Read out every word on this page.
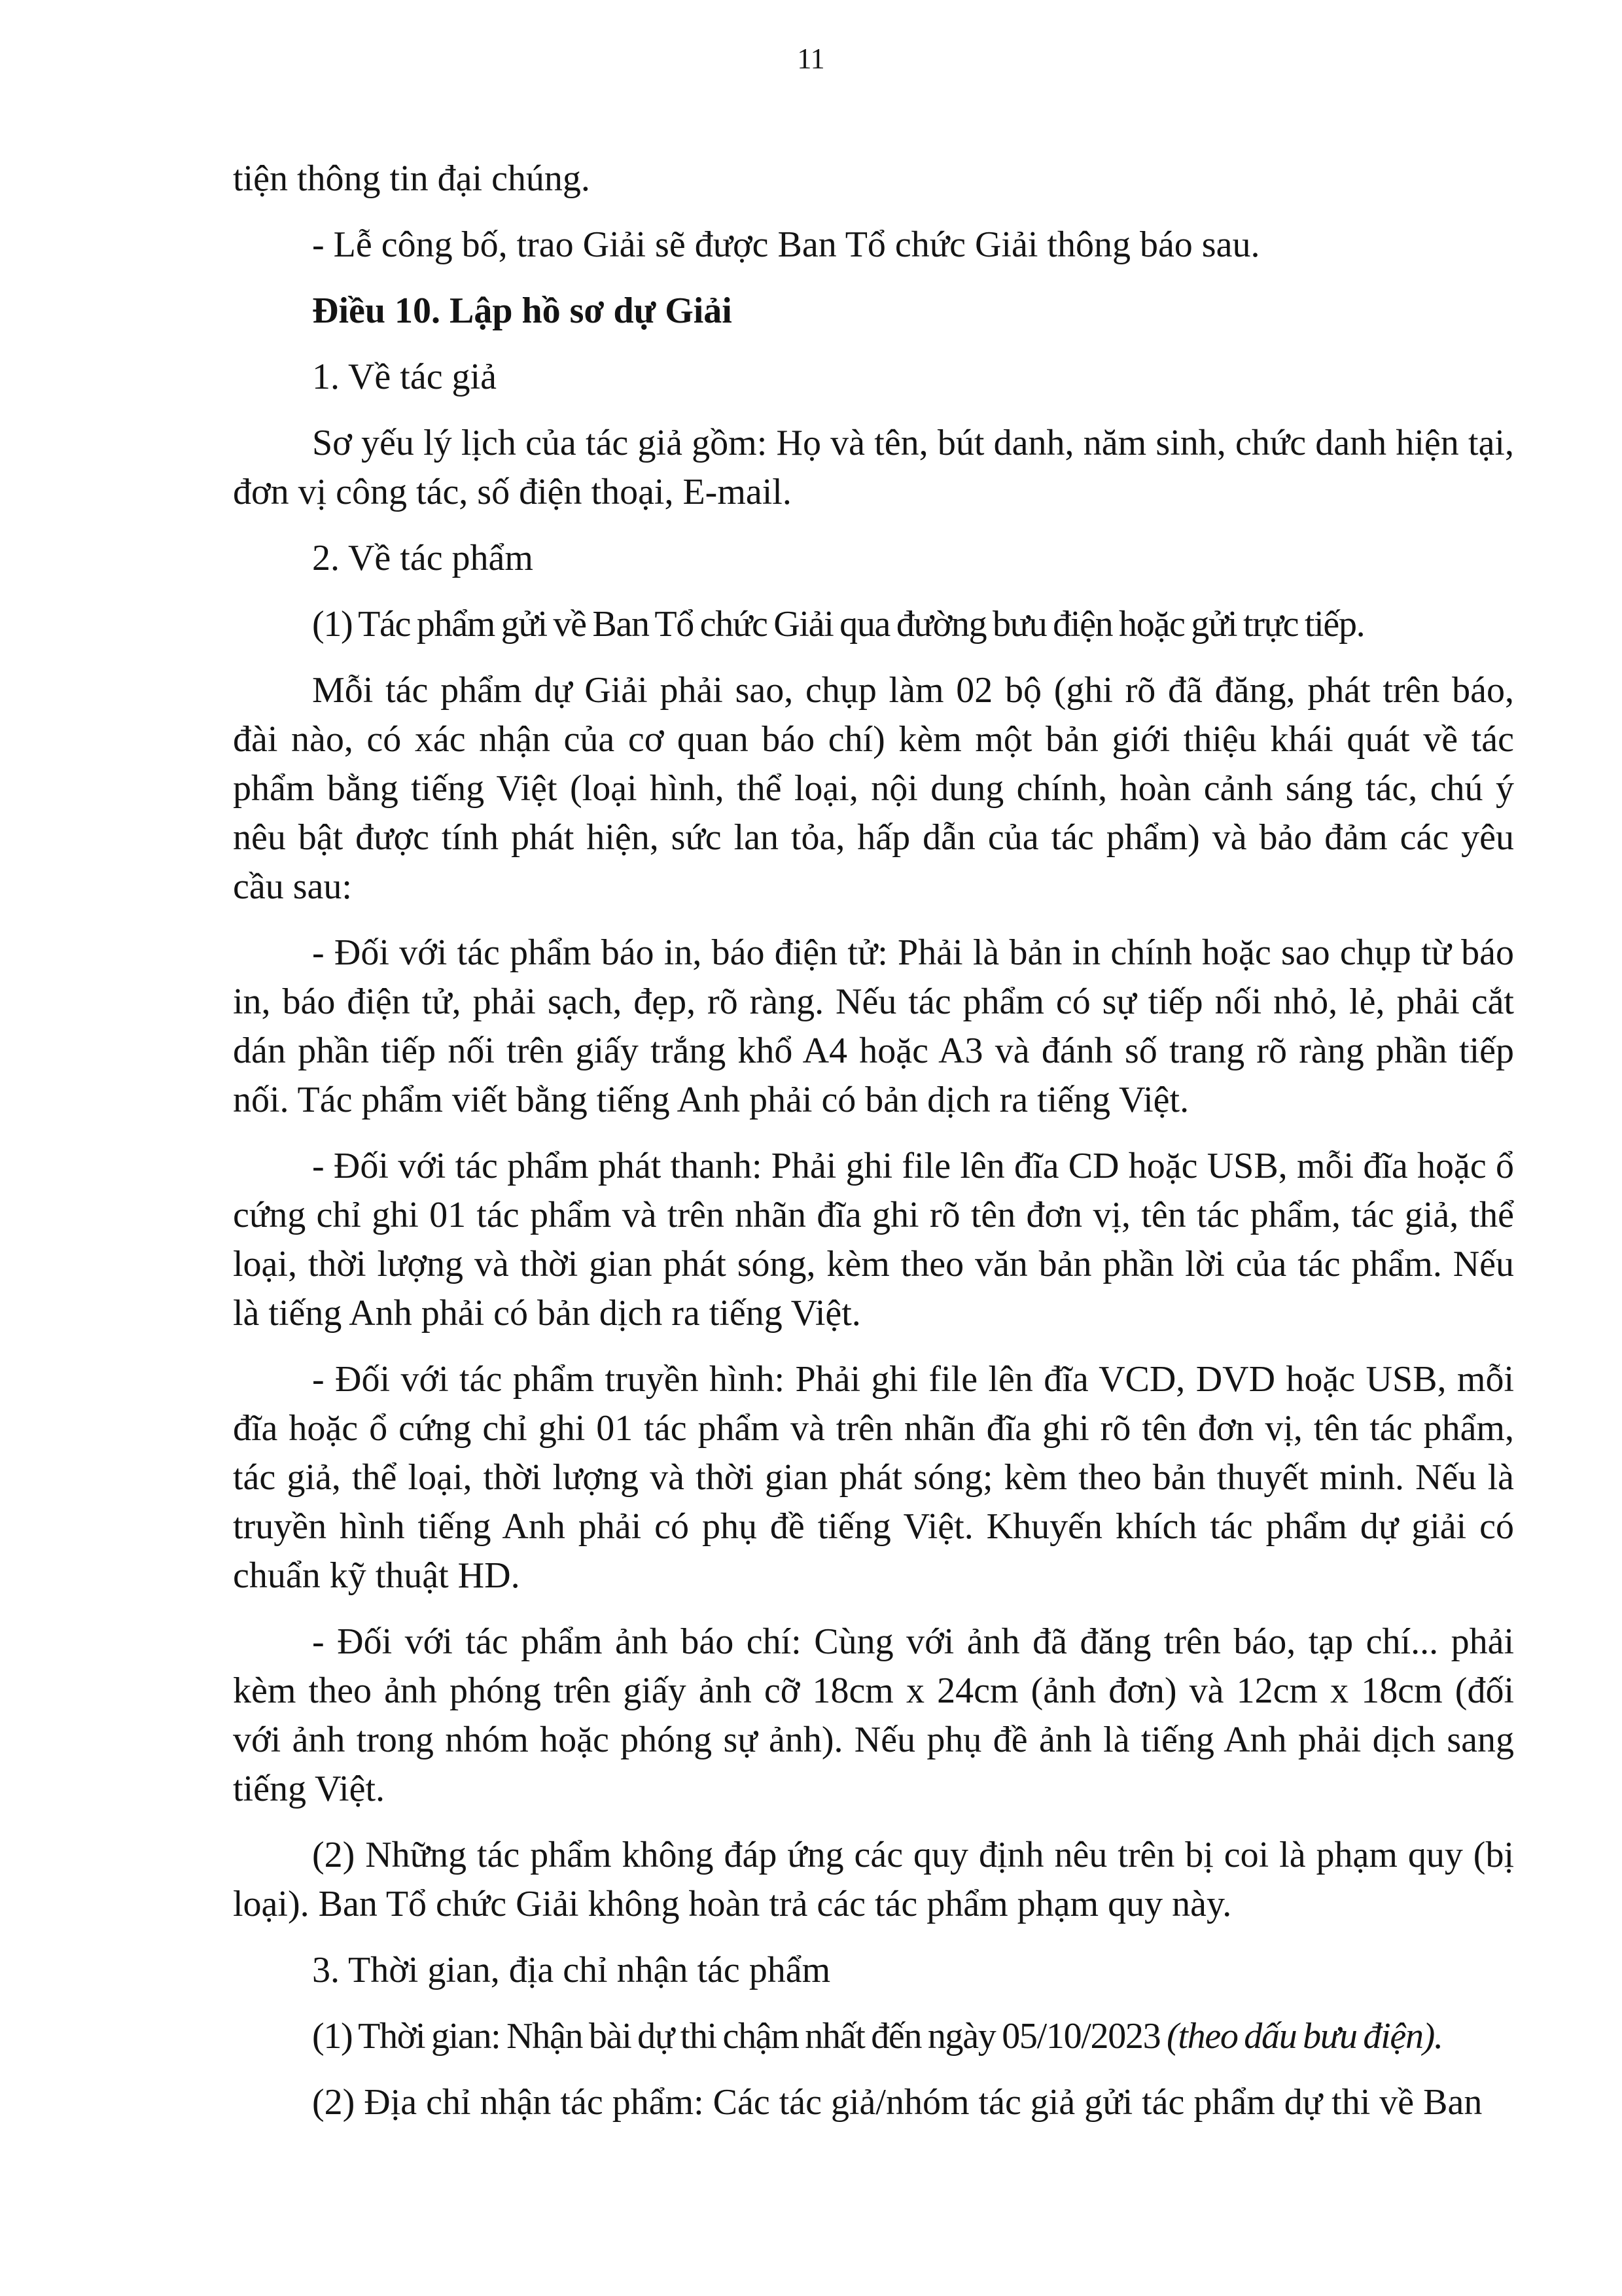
11

tiện thông tin đại chúng.

- Lễ công bố, trao Giải sẽ được Ban Tổ chức Giải thông báo sau.

Điều 10. Lập hồ sơ dự Giải

1. Về tác giả

Sơ yếu lý lịch của tác giả gồm: Họ và tên, bút danh, năm sinh, chức danh hiện tại, đơn vị công tác, số điện thoại, E-mail.

2. Về tác phẩm

(1) Tác phẩm gửi về Ban Tổ chức Giải qua đường bưu điện hoặc gửi trực tiếp.

Mỗi tác phẩm dự Giải phải sao, chụp làm 02 bộ (ghi rõ đã đăng, phát trên báo, đài nào, có xác nhận của cơ quan báo chí) kèm một bản giới thiệu khái quát về tác phẩm bằng tiếng Việt (loại hình, thể loại, nội dung chính, hoàn cảnh sáng tác, chú ý nêu bật được tính phát hiện, sức lan tỏa, hấp dẫn của tác phẩm) và bảo đảm các yêu cầu sau:

- Đối với tác phẩm báo in, báo điện tử: Phải là bản in chính hoặc sao chụp từ báo in, báo điện tử, phải sạch, đẹp, rõ ràng. Nếu tác phẩm có sự tiếp nối nhỏ, lẻ, phải cắt dán phần tiếp nối trên giấy trắng khổ A4 hoặc A3 và đánh số trang rõ ràng phần tiếp nối. Tác phẩm viết bằng tiếng Anh phải có bản dịch ra tiếng Việt.

- Đối với tác phẩm phát thanh: Phải ghi file lên đĩa CD hoặc USB, mỗi đĩa hoặc ổ cứng chỉ ghi 01 tác phẩm và trên nhãn đĩa ghi rõ tên đơn vị, tên tác phẩm, tác giả, thể loại, thời lượng và thời gian phát sóng, kèm theo văn bản phần lời của tác phẩm. Nếu là tiếng Anh phải có bản dịch ra tiếng Việt.

- Đối với tác phẩm truyền hình: Phải ghi file lên đĩa VCD, DVD hoặc USB, mỗi đĩa hoặc ổ cứng chỉ ghi 01 tác phẩm và trên nhãn đĩa ghi rõ tên đơn vị, tên tác phẩm, tác giả, thể loại, thời lượng và thời gian phát sóng; kèm theo bản thuyết minh. Nếu là truyền hình tiếng Anh phải có phụ đề tiếng Việt. Khuyến khích tác phẩm dự giải có chuẩn kỹ thuật HD.

- Đối với tác phẩm ảnh báo chí: Cùng với ảnh đã đăng trên báo, tạp chí... phải kèm theo ảnh phóng trên giấy ảnh cỡ 18cm x 24cm (ảnh đơn) và 12cm x 18cm (đối với ảnh trong nhóm hoặc phóng sự ảnh). Nếu phụ đề ảnh là tiếng Anh phải dịch sang tiếng Việt.

(2) Những tác phẩm không đáp ứng các quy định nêu trên bị coi là phạm quy (bị loại). Ban Tổ chức Giải không hoàn trả các tác phẩm phạm quy này.

3. Thời gian, địa chỉ nhận tác phẩm

(1) Thời gian: Nhận bài dự thi chậm nhất đến ngày 05/10/2023 (theo dấu bưu điện).

(2) Địa chỉ nhận tác phẩm: Các tác giả/nhóm tác giả gửi tác phẩm dự thi về Ban
